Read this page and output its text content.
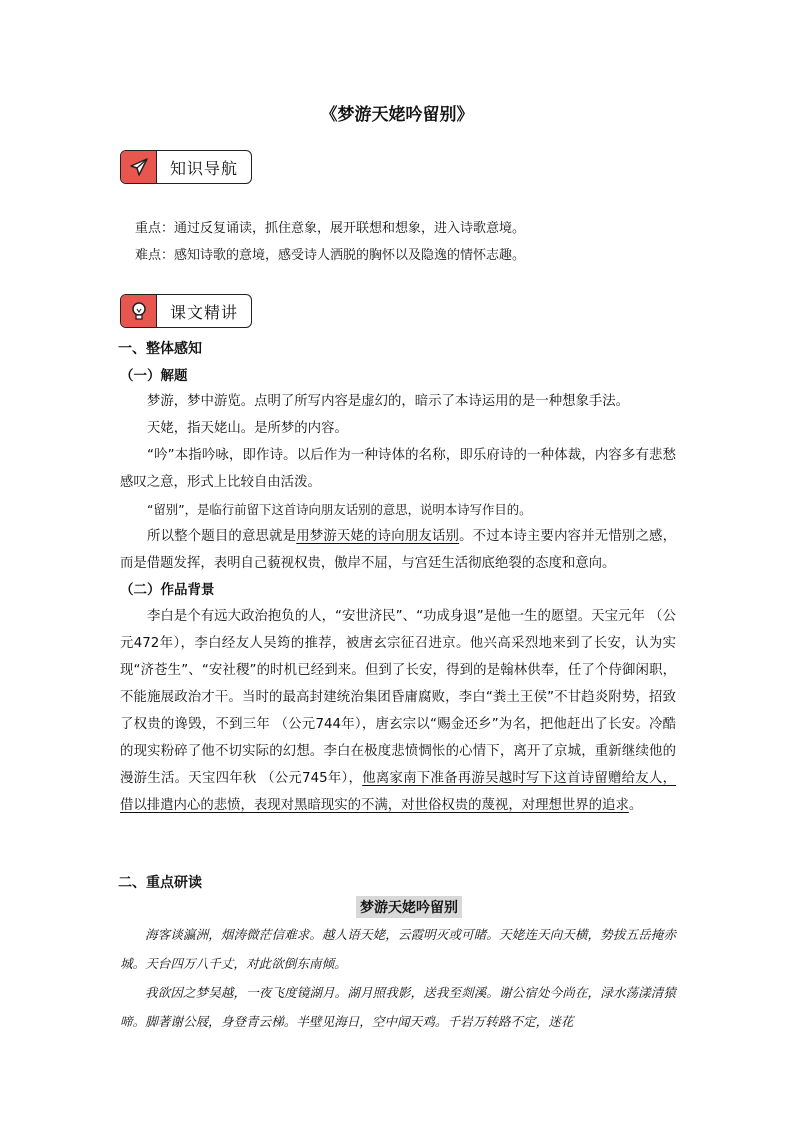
《梦游天姥吟留别》
知识导航
重点：通过反复诵读，抓住意象，展开联想和想象，进入诗歌意境。
难点：感知诗歌的意境，感受诗人洒脱的胸怀以及隐逸的情怀志趣。
课文精讲
一、整体感知
（一）解题
梦游，梦中游览。点明了所写内容是虚幻的，暗示了本诗运用的是一种想象手法。
天姥，指天姥山。是所梦的内容。
“吟”本指吟咏，即作诗。以后作为一种诗体的名称，即乐府诗的一种体裁，内容多有悲愁感叹之意，形式上比较自由活泼。
“留别”，是临行前留下这首诗向朋友话别的意思，说明本诗写作目的。
所以整个题目的意思就是用梦游天姥的诗向朋友话别。不过本诗主要内容并无惜别之感，而是借题发挥，表明自己藐视权贵，傲岸不屈，与宫廷生活彻底绝裂的态度和意向。
（二）作品背景
李白是个有远大政治抱负的人，“安世济民”、“功成身退”是他一生的愿望。天宝元年 （公元472年），李白经友人吴筠的推荐，被唐玄宗征召进京。他兴高采烈地来到了长安，认为实现“济苍生”、“安社稷”的时机已经到来。但到了长安，得到的是翰林供奉，任了个侍御闲职，不能施展政治才干。当时的最高封建统治集团昏庸腐败，李白“粪土王侯”不甘趋炎附势，招致了权贵的谗毁，不到三年 （公元744年），唐玄宗以“赐金还乡”为名，把他赶出了长安。冷酷的现实粉碎了他不切实际的幻想。李白在极度悲愤惆怅的心情下，离开了京城，重新继续他的漫游生活。天宝四年秋 （公元745年），他离家南下准备再游吴越时写下这首诗留赠给友人，借以排遣内心的悲愤，表现对黑暗现实的不满，对世俗权贵的蔑视，对理想世界的追求。
二、重点研读
梦游天姥吟留别
海客谈瀛洲，烟涛微茫信难求。越人语天姥，云霞明灭或可睹。天姥连天向天横，势拔五岳掩赤城。天台四万八千丈，对此欲倒东南倾。
我欲因之梦吴越，一夜飞度镜湖月。湖月照我影，送我至剡溪。谢公宿处今尚在，渌水荡漾清猿啼。脚著谢公屐，身登青云梯。半壁见海日，空中闻天鸡。千岩万转路不定，迷花
